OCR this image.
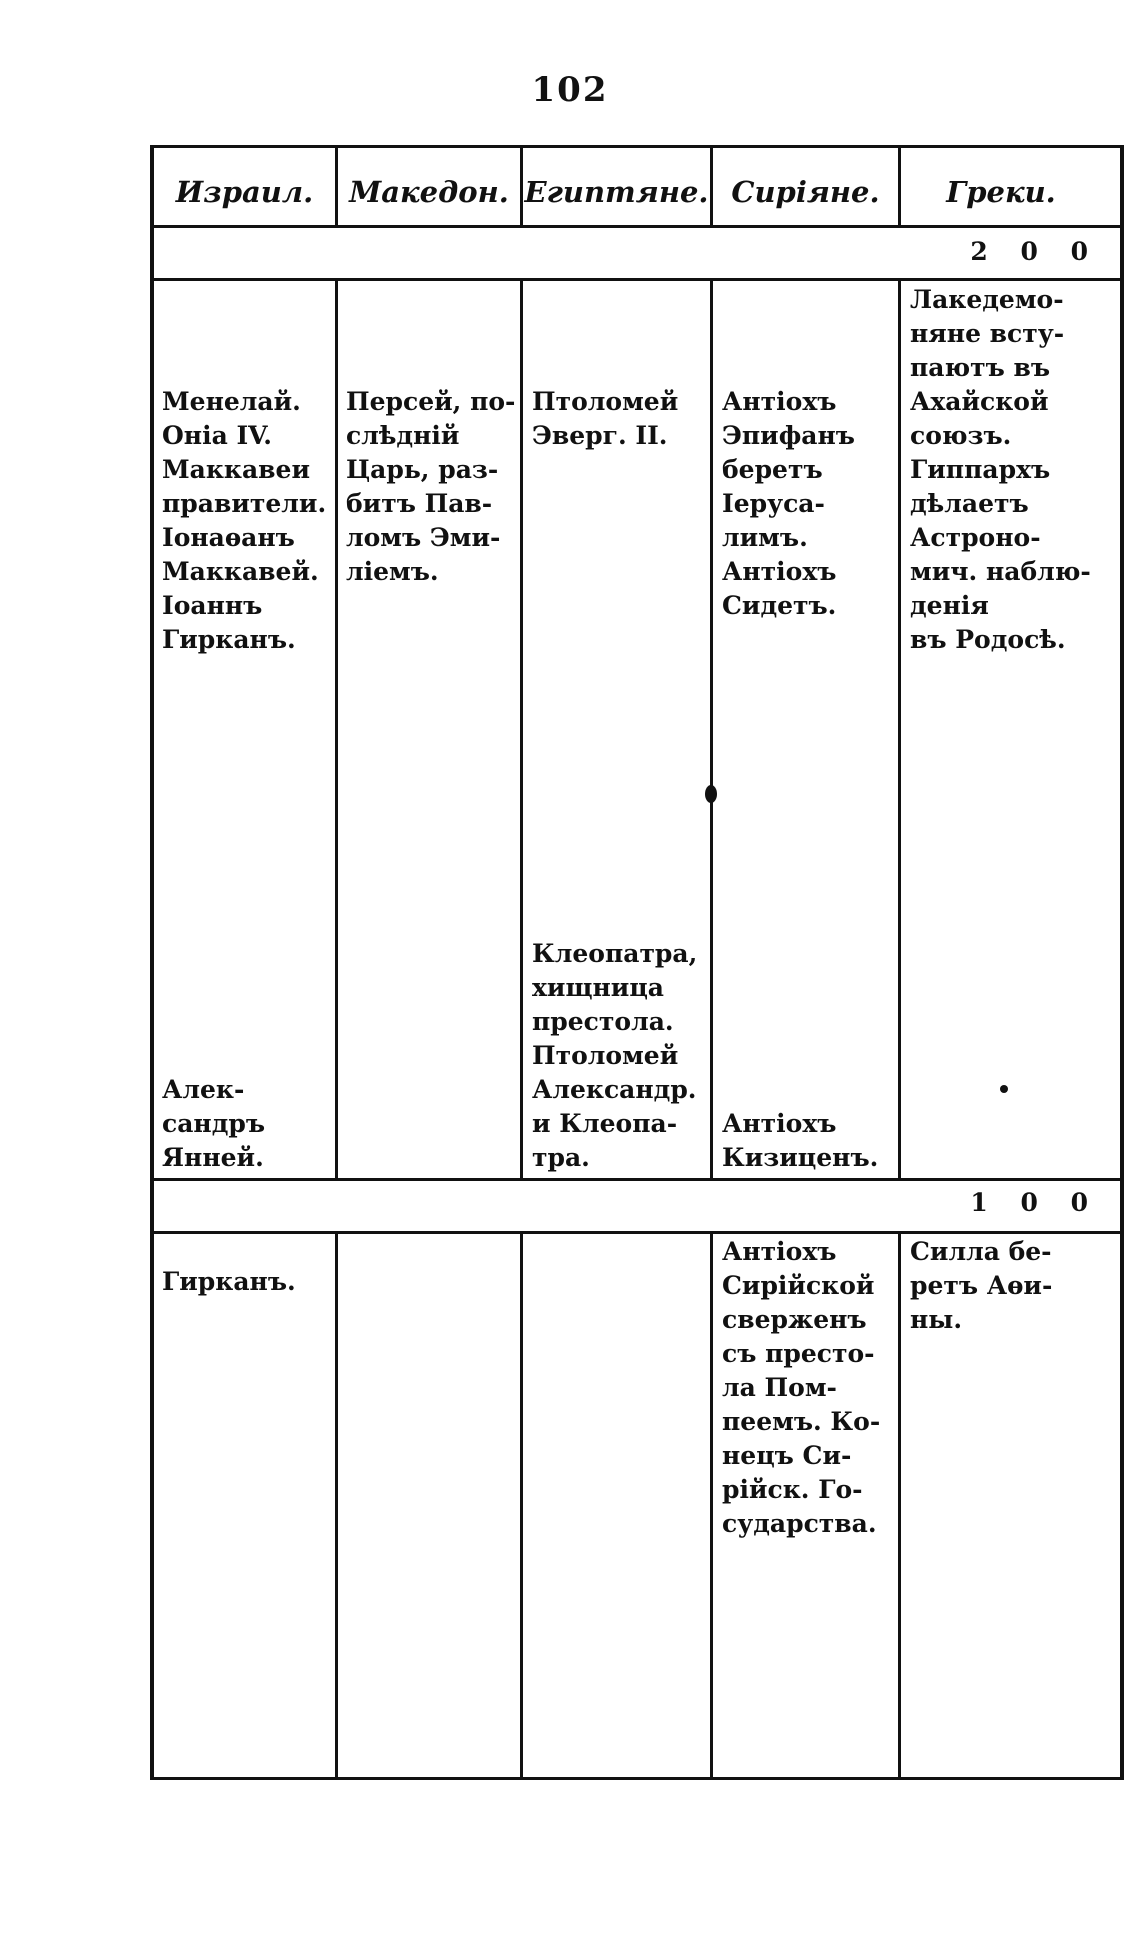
102
Израил.	Македон. Египтяне. Сиріяне.	Греки.
2 0 0
Менелай.
Оніа IV.
Маккавеи
правители.
Іонаѳанъ
Маккавей.
Іоаннъ
Гирканъ.
Персей, по-
слѣдній
Царь, раз-
битъ Пав-
ломъ Эми-
ліемъ.
Птоломей
Эверг. II.
Антіохъ
Эпифанъ
беретъ
Іеруса-
лимъ.
Антіохъ
Сидетъ.
Лакедемо-
няне всту-
паютъ въ
Ахайской
союзъ.
Гиппархъ
дѣлаетъ
Астроно-
мич. наблю-
денія
въ Родосѣ.
Алек-
сандръ
Янней.
Клеопатра,
хищница
престола.
Птоломей
Александр.
и Клеопа-
тра.
Антіохъ
Кизиценъ.
1 0 0
Гирканъ.
Антіохъ
Сирійской
сверженъ
съ престо-
ла Пом-
пеемъ. Ко-
нецъ Си-
рійск. Го-
сударства.
Силла бе-
ретъ Аѳи-
ны.
